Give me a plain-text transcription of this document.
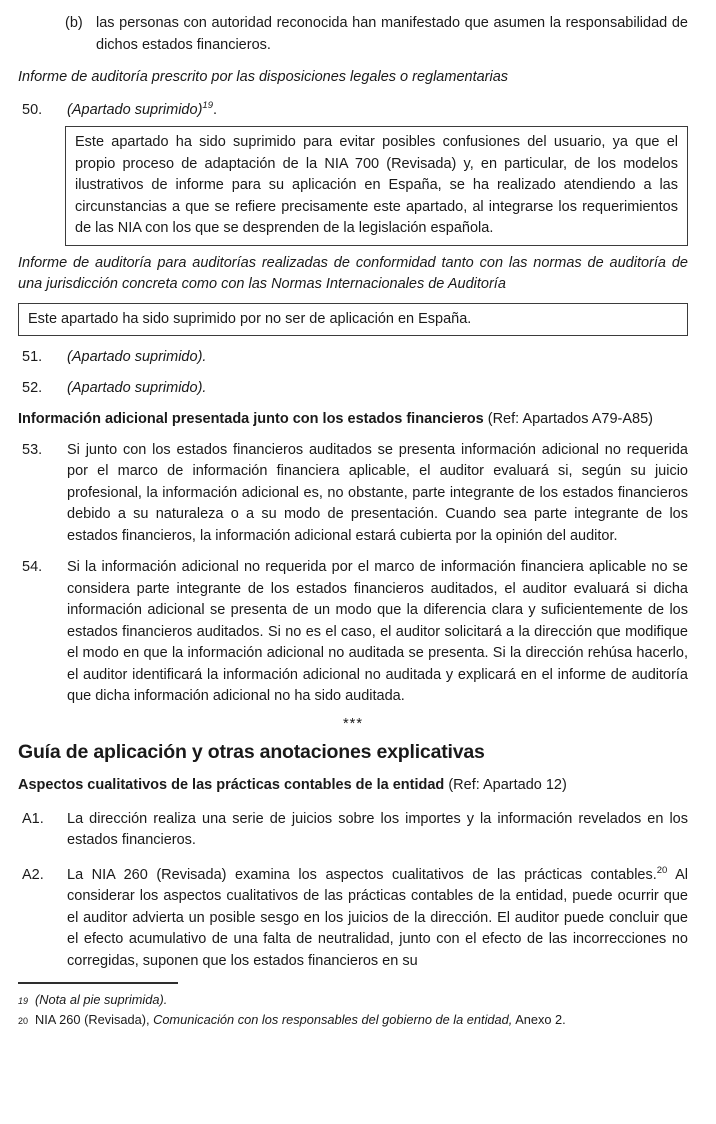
(b) las personas con autoridad reconocida han manifestado que asumen la responsabilidad de dichos estados financieros.
Informe de auditoría prescrito por las disposiciones legales o reglamentarias
50.	(Apartado suprimido)$^{19}$.
Este apartado ha sido suprimido para evitar posibles confusiones del usuario, ya que el propio proceso de adaptación de la NIA 700 (Revisada) y, en particular, de los modelos ilustrativos de informe para su aplicación en España, se ha realizado atendiendo a las circunstancias a que se refiere precisamente este apartado, al integrarse los requerimientos de las NIA con los que se desprenden de la legislación española.
Informe de auditoría para auditorías realizadas de conformidad tanto con las normas de auditoría de una jurisdicción concreta como con las Normas Internacionales de Auditoría
Este apartado ha sido suprimido por no ser de aplicación en España.
51.	(Apartado suprimido).
52.	(Apartado suprimido).
Información adicional presentada junto con los estados financieros (Ref: Apartados A79-A85)
53.	Si junto con los estados financieros auditados se presenta información adicional no requerida por el marco de información financiera aplicable, el auditor evaluará si, según su juicio profesional, la información adicional es, no obstante, parte integrante de los estados financieros debido a su naturaleza o a su modo de presentación. Cuando sea parte integrante de los estados financieros, la información adicional estará cubierta por la opinión del auditor.
54.	Si la información adicional no requerida por el marco de información financiera aplicable no se considera parte integrante de los estados financieros auditados, el auditor evaluará si dicha información adicional se presenta de un modo que la diferencia clara y suficientemente de los estados financieros auditados. Si no es el caso, el auditor solicitará a la dirección que modifique el modo en que la información adicional no auditada se presenta. Si la dirección rehúsa hacerlo, el auditor identificará la información adicional no auditada y explicará en el informe de auditoría que dicha información adicional no ha sido auditada.
***
Guía de aplicación y otras anotaciones explicativas
Aspectos cualitativos de las prácticas contables de la entidad (Ref: Apartado 12)
A1.	La dirección realiza una serie de juicios sobre los importes y la información revelados en los estados financieros.
A2.	La NIA 260 (Revisada) examina los aspectos cualitativos de las prácticas contables.$^{20}$ Al considerar los aspectos cualitativos de las prácticas contables de la entidad, puede ocurrir que el auditor advierta un posible sesgo en los juicios de la dirección. El auditor puede concluir que el efecto acumulativo de una falta de neutralidad, junto con el efecto de las incorrecciones no corregidas, suponen que los estados financieros en su
19 (Nota al pie suprimida).
20 NIA 260 (Revisada), Comunicación con los responsables del gobierno de la entidad, Anexo 2.
